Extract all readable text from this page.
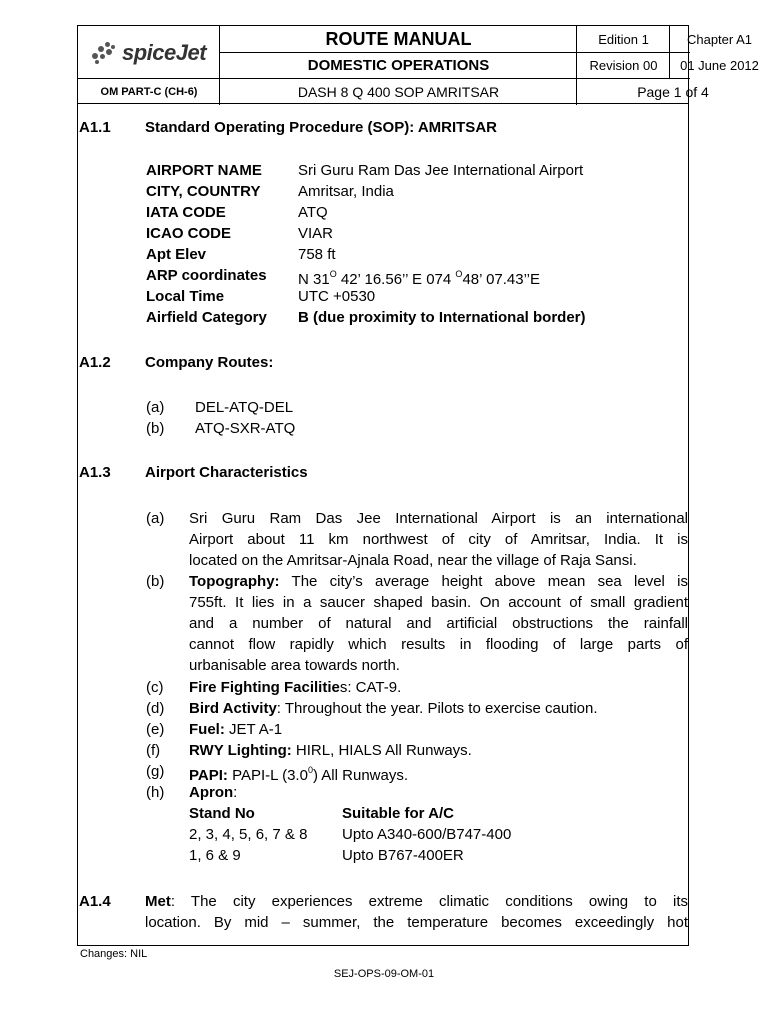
spiceJet
OM PART-C (CH-6)
ROUTE MANUAL
DOMESTIC OPERATIONS
DASH 8 Q 400 SOP AMRITSAR
Edition 1	Chapter A1
Revision 00	01 June 2012
Page 1 of 4
A1.1 Standard Operating Procedure (SOP): AMRITSAR
AIRPORT NAME Sri Guru Ram Das Jee International Airport
CITY, COUNTRY	Amritsar, India
IATA CODE	ATQ
ICAO CODE	VIAR
Apt Elev	758 ft
ARP coordinates N $31^O$ 42’ 16.56’’ E 074 $^O$48’ 07.43’’E
Local Time	UTC +0530
Airfield Category B (due proximity to International border)
A1.2 Company Routes:
(a) DEL-ATQ-DEL
(b) ATQ-SXR-ATQ
A1.3 Airport Characteristics
(a) Sri Guru Ram Das Jee International Airport is an international
Airport about 11 km northwest of city of Amritsar, India. It is
located on the Amritsar-Ajnala Road, near the village of Raja Sansi.
(b) Topography: The city’s average height above mean sea level is
755ft. It lies in a saucer shaped basin. On account of small gradient
and a number of natural and artificial obstructions the rainfall
cannot flow rapidly which results in flooding of large parts of
urbanisable area towards north.
(c) Fire Fighting Facilities: CAT-9.
(d) Bird Activity: Throughout the year. Pilots to exercise caution.
(e) Fuel: JET A-1
(f) RWY Lighting: HIRL, HIALS All Runways.
(g) PAPI: PAPI-L $(3.0^0)$ All Runways.
(h) Apron:
Stand No	Suitable for A/C
2, 3, 4, 5, 6, 7 & 8 Upto A340-600/B747-400
1, 6 & 9	Upto B767-400ER
A1.4 Met: The city experiences extreme climatic conditions owing to its
location. By mid – summer, the temperature becomes exceedingly hot
Changes: NIL
SEJ-OPS-09-OM-01
